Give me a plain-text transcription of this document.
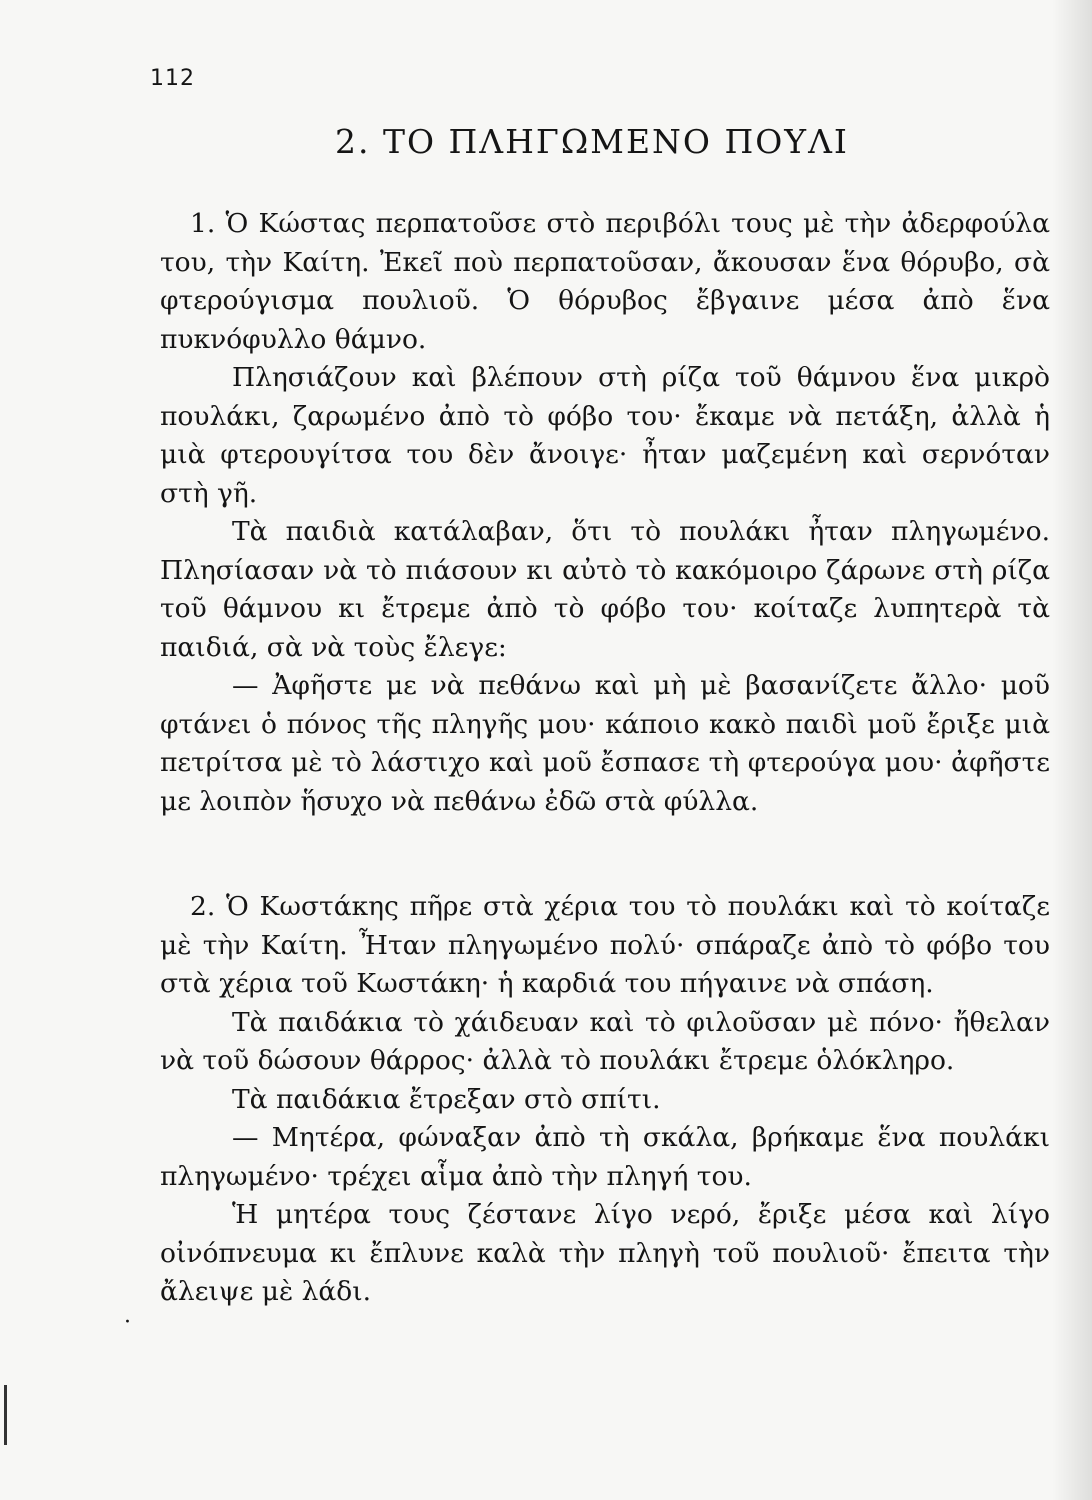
112
2. ΤΟ ΠΛΗΓΩΜΕΝΟ ΠΟΥΛΙ

1. Ὁ Κώστας περπατοῦσε στὸ περιβόλι τους μὲ τὴν ἀδερφούλα του, τὴν Καίτη. Ἐκεῖ ποὺ περπατοῦσαν, ἄκουσαν ἕνα θόρυβο, σὰ φτερούγισμα πουλιοῦ. Ὁ θόρυβος ἔβγαινε μέσα ἀπὸ ἕνα πυκνόφυλλο θάμνο.

Πλησιάζουν καὶ βλέπουν στὴ ρίζα τοῦ θάμνου ἕνα μικρὸ πουλάκι, ζαρωμένο ἀπὸ τὸ φόβο του· ἔκαμε νὰ πετάξη, ἀλλὰ ἡ μιὰ φτερουγίτσα του δὲν ἄνοιγε· ἦταν μαζεμένη καὶ σερνόταν στὴ γῆ.

Τὰ παιδιὰ κατάλαβαν, ὅτι τὸ πουλάκι ἦταν πληγωμένο. Πλησίασαν νὰ τὸ πιάσουν κι αὐτὸ τὸ κακόμοιρο ζάρωνε στὴ ρίζα τοῦ θάμνου κι ἔτρεμε ἀπὸ τὸ φόβο του· κοίταζε λυπητερὰ τὰ παιδιά, σὰ νὰ τοὺς ἔλεγε:

— Ἀφῆστε με νὰ πεθάνω καὶ μὴ μὲ βασανίζετε ἄλλο· μοῦ φτάνει ὁ πόνος τῆς πληγῆς μου· κάποιο κακὸ παιδὶ μοῦ ἔριξε μιὰ πετρίτσα μὲ τὸ λάστιχο καὶ μοῦ ἔσπασε τὴ φτερούγα μου· ἀφῆστε με λοιπὸν ἥσυχο νὰ πεθάνω ἐδῶ στὰ φύλλα.

2. Ὁ Κωστάκης πῆρε στὰ χέρια του τὸ πουλάκι καὶ τὸ κοίταζε μὲ τὴν Καίτη. Ἦταν πληγωμένο πολύ· σπάραζε ἀπὸ τὸ φόβο του στὰ χέρια τοῦ Κωστάκη· ἡ καρδιά του πήγαινε νὰ σπάση.

Τὰ παιδάκια τὸ χάιδευαν καὶ τὸ φιλοῦσαν μὲ πόνο· ἤθελαν νὰ τοῦ δώσουν θάρρος· ἀλλὰ τὸ πουλάκι ἔτρεμε ὁλόκληρο.

Τὰ παιδάκια ἔτρεξαν στὸ σπίτι.

— Μητέρα, φώναξαν ἀπὸ τὴ σκάλα, βρήκαμε ἕνα πουλάκι πληγωμένο· τρέχει αἷμα ἀπὸ τὴν πληγή του.

Ἡ μητέρα τους ζέστανε λίγο νερό, ἔριξε μέσα καὶ λίγο οἰνόπνευμα κι ἔπλυνε καλὰ τὴν πληγὴ τοῦ πουλιοῦ· ἔπειτα τὴν ἄλειψε μὲ λάδι.

·
